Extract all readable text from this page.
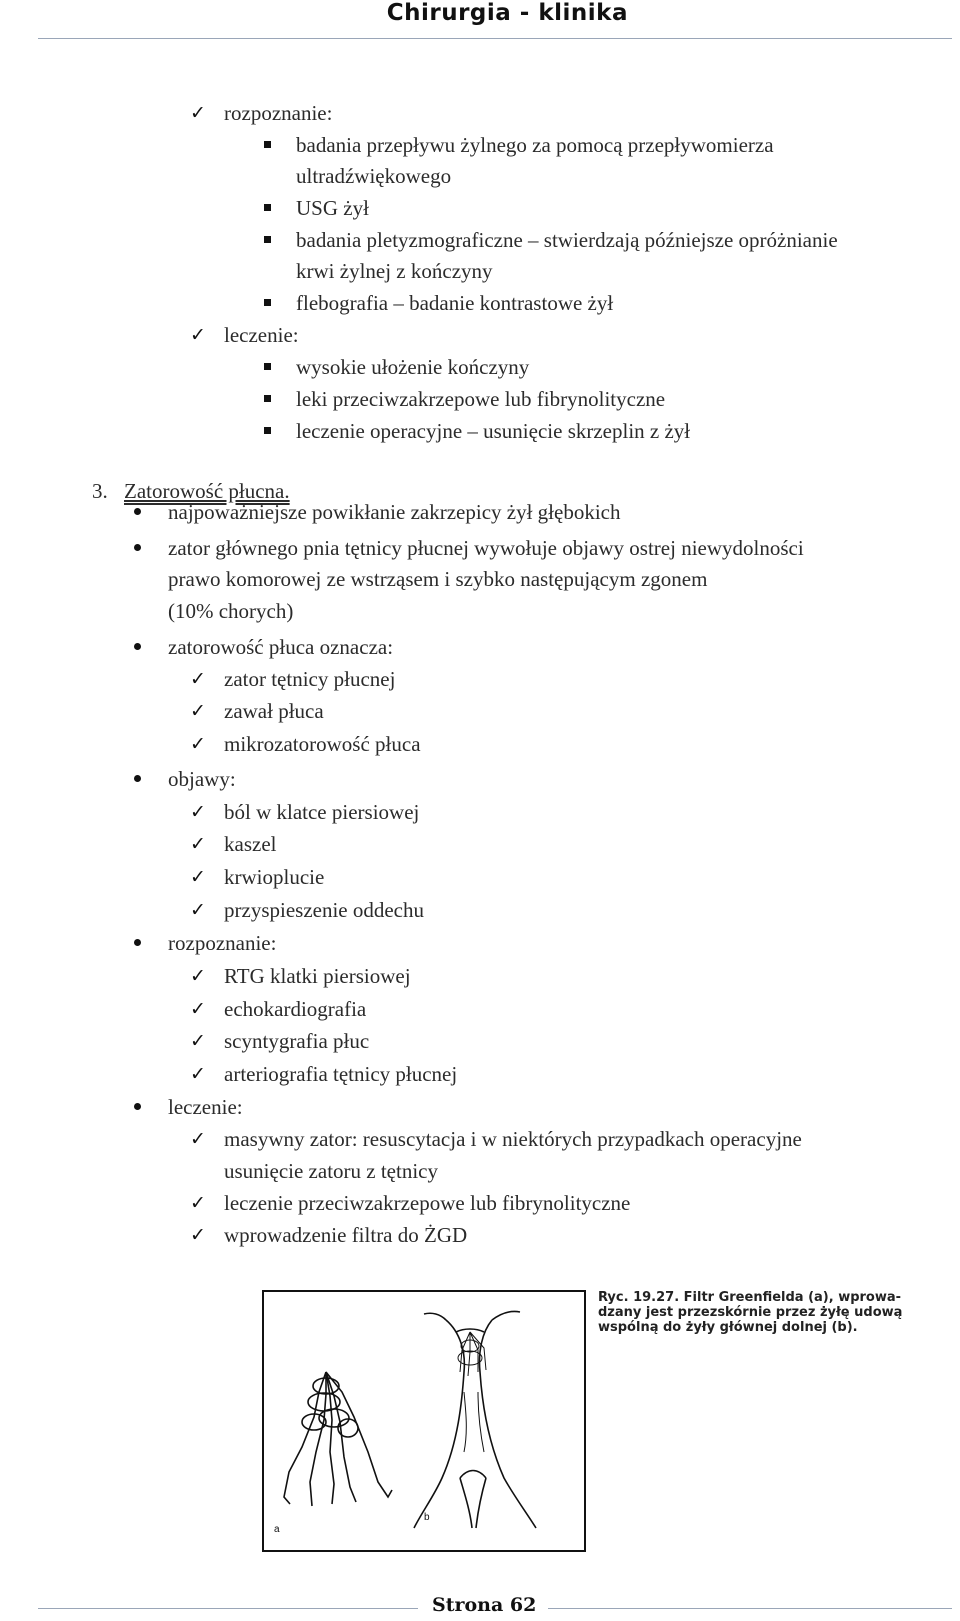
Chirurgia - klinika
✓ rozpoznanie:
badania przepływu żylnego za pomocą przepływomierza
ultradźwiękowego
USG żył
badania pletyzmograficzne – stwierdzają późniejsze opróżnianie
krwi żylnej z kończyny
flebografia – badanie kontrastowe żył
✓ leczenie:
wysokie ułożenie kończyny
leki przeciwzakrzepowe lub fibrynolityczne
leczenie operacyjne – usunięcie skrzeplin z żył
3. Zatorowość płucna.
najpoważniejsze powikłanie zakrzepicy żył głębokich
zator głównego pnia tętnicy płucnej wywołuje objawy ostrej niewydolności
prawo komorowej ze wstrząsem i szybko następującym zgonem
(10% chorych)
zatorowość płuca oznacza:
✓ zator tętnicy płucnej
✓ zawał płuca
✓ mikrozatorowość płuca
objawy:
✓ ból w klatce piersiowej
✓ kaszel
✓ krwioplucie
✓ przyspieszenie oddechu
rozpoznanie:
✓ RTG klatki piersiowej
✓ echokardiografia
✓ scyntygrafia płuc
✓ arteriografia tętnicy płucnej
leczenie:
✓ masywny zator: resuscytacja i w niektórych przypadkach operacyjne
usunięcie zatoru z tętnicy
✓ leczenie przeciwzakrzepowe lub fibrynolityczne
✓ wprowadzenie filtra do ŻGD
a
b
Ryc. 19.27. Filtr Greenfielda (a), wprowa-
dzany jest przezskórnie przez żyłę udową
wspólną do żyły głównej dolnej (b).
Strona 62
